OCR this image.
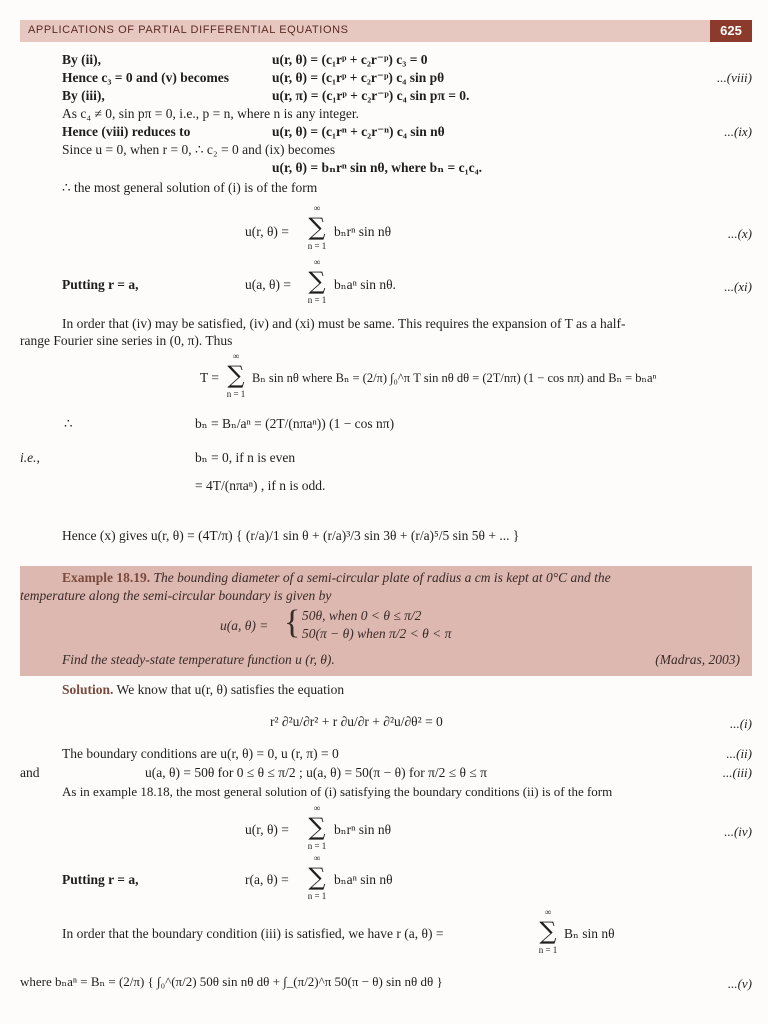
APPLICATIONS OF PARTIAL DIFFERENTIAL EQUATIONS	625
By (ii),	u(r, θ) = (c₁rᵖ + c₂r⁻ᵖ) c₃ = 0
Hence c₃ = 0 and (v) becomes	u(r, θ) = (c₁rᵖ + c₂r⁻ᵖ) c₄ sin pθ	...(viii)
By (iii),	u(r, π) = (c₁rᵖ + c₂r⁻ᵖ) c₄ sin pπ = 0.
As c₄ ≠ 0, sin pπ = 0, i.e., p = n, where n is any integer.
Hence (viii) reduces to	u(r, θ) = (c₁rⁿ + c₂r⁻ⁿ) c₄ sin nθ	...(ix)
Since u = 0, when r = 0, ∴ c₂ = 0 and (ix) becomes
u(r, θ) = bₙrⁿ sin nθ, where bₙ = c₁c₄.
∴ the most general solution of (i) is of the form
u(r, θ) =
∞
∑
n = 1
bₙrⁿ sin nθ	...(x)
Putting r = a,	u(a, θ) =
∞
∑
n = 1
bₙaⁿ sin nθ.	...(xi)
In order that (iv) may be satisfied, (iv) and (xi) must be same. This requires the expansion of T as a half-
range Fourier sine series in (0, π). Thus
T =
∞
∑
n = 1
Bₙ sin nθ where Bₙ = (2/π) ∫₀^π T sin nθ dθ = (2T/nπ) (1 − cos nπ) and Bₙ = bₙaⁿ
∴	bₙ = Bₙ/aⁿ = (2T/(nπaⁿ)) (1 − cos nπ)
i.e.,	bₙ = 0, if n is even
= 4T/(nπaⁿ) , if n is odd.
Hence (x) gives u(r, θ) = (4T/π) { (r/a)/1 sin θ + (r/a)³/3 sin 3θ + (r/a)⁵/5 sin 5θ + ... }
Example 18.19. The bounding diameter of a semi-circular plate of radius a cm is kept at 0°C and the
temperature along the semi-circular boundary is given by
u(a, θ) = { 50θ, when 0 < θ ≤ π/2
50(π − θ) when π/2 < θ < π
Find the steady-state temperature function u (r, θ).	(Madras, 2003)
Solution. We know that u(r, θ) satisfies the equation
r² ∂²u/∂r² + r ∂u/∂r + ∂²u/∂θ² = 0	...(i)
The boundary conditions are u(r, θ) = 0, u (r, π) = 0	...(ii)
and	u(a, θ) = 50θ for 0 ≤ θ ≤ π/2 ; u(a, θ) = 50(π − θ) for π/2 ≤ θ ≤ π	...(iii)
As in example 18.18, the most general solution of (i) satisfying the boundary conditions (ii) is of the form
u(r, θ) =
∞
∑
n = 1
bₙrⁿ sin nθ	...(iv)
Putting r = a,	r(a, θ) =
∞
∑
n = 1
bₙaⁿ sin nθ
In order that the boundary condition (iii) is satisfied, we have r (a, θ) =
∞
∑
n = 1
Bₙ sin nθ
where bₙaⁿ = Bₙ = (2/π) { ∫₀^(π/2) 50θ sin nθ dθ + ∫_(π/2)^π 50(π − θ) sin nθ dθ }	...(v)
